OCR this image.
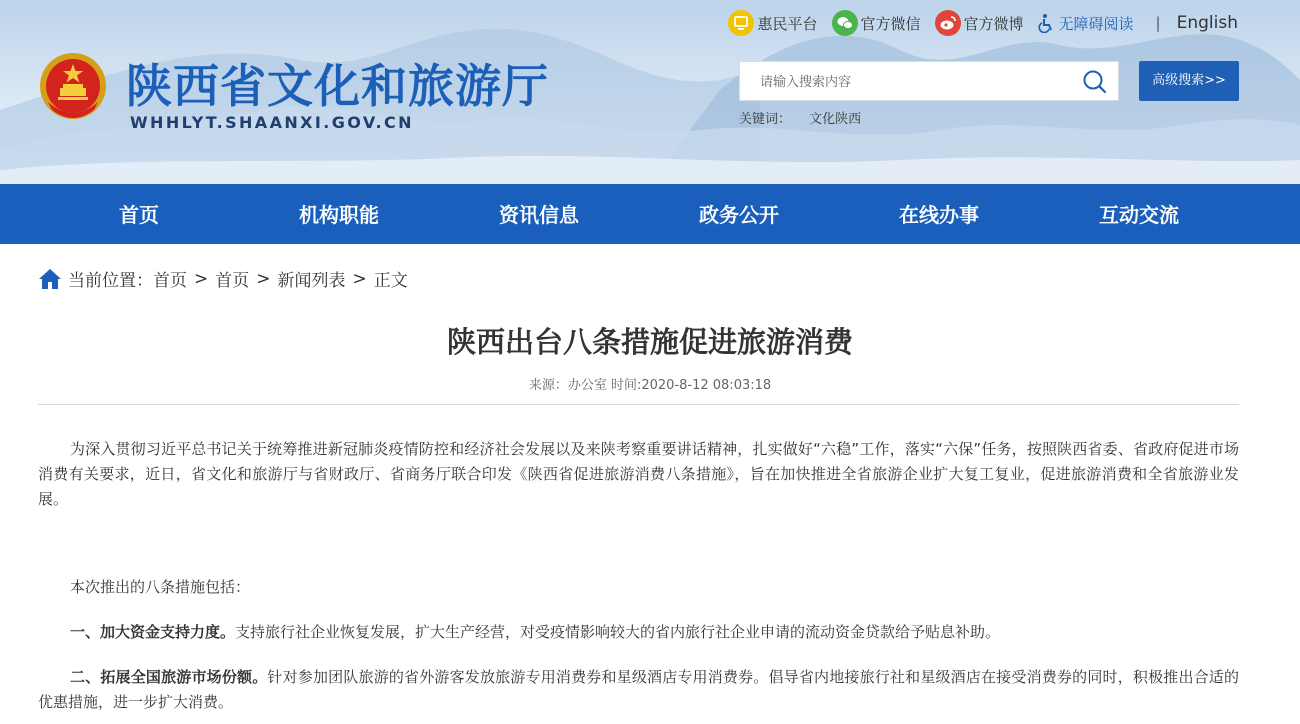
陕西省文化和旅游厅
WHHLYT.SHAANXI.GOV.CN
惠民平台	官方微信	官方微博 无障碍阅读 | English
请输入搜索内容
高级搜索>>
关键词： 文化陕西
首页	机构职能	资讯信息	政务公开	在线办事	互动交流
当前位置： 首页 > 首页 > 新闻列表 > 正文
陕西出台八条措施促进旅游消费
来源：办公室 时间:2020-8-12 08:03:18

为深入贯彻习近平总书记关于统筹推进新冠肺炎疫情防控和经济社会发展以及来陕考察重要讲话精神，扎实做好“六稳”工作，落实“六保”任务，按照陕西省委、省政府促进市场消费有关要求，近日，省文化和旅游厅与省财政厅、省商务厅联合印发《陕西省促进旅游消费八条措施》，旨在加快推进全省旅游企业扩大复工复业，促进旅游消费和全省旅游业发展。

本次推出的八条措施包括：

一、加大资金支持力度。支持旅行社企业恢复发展，扩大生产经营，对受疫情影响较大的省内旅行社企业申请的流动资金贷款给予贴息补助。

二、拓展全国旅游市场份额。针对参加团队旅游的省外游客发放旅游专用消费券和星级酒店专用消费券。倡导省内地接旅行社和星级酒店在接受消费券的同时，积极推出合适的优惠措施，进一步扩大消费。
